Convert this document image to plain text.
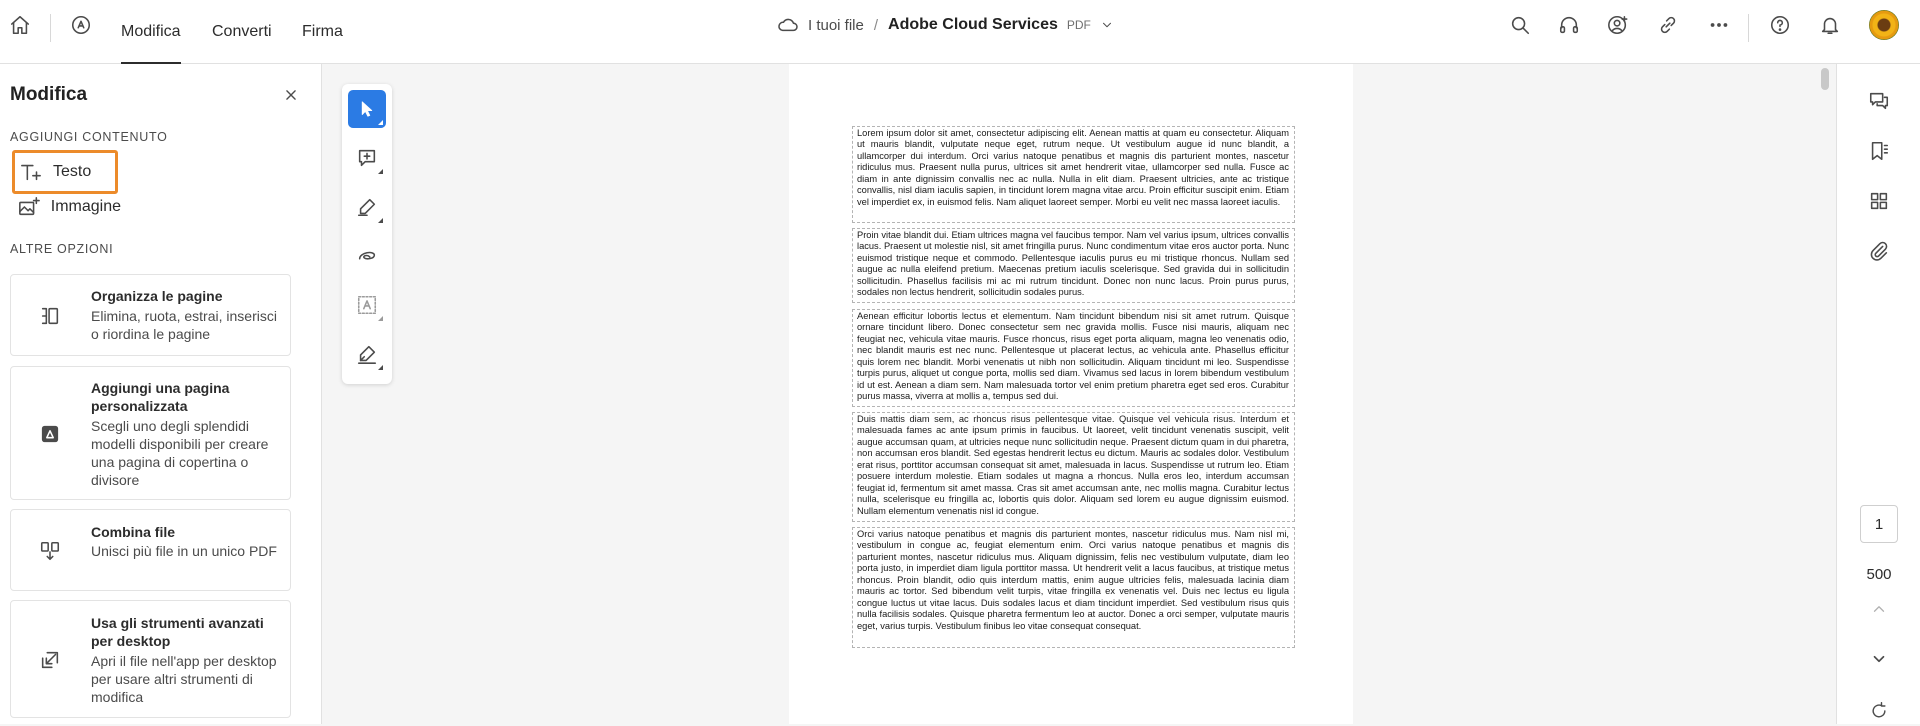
Modifica Converti Firma	I tuoi file / Adobe Cloud Services PDF
Modifica
AGGIUNGI CONTENUTO
Testo
Immagine
ALTRE OPZIONI
Organizza le pagine
Elimina, ruota, estrai, inserisci o riordina le pagine
Aggiungi una pagina personalizzata
Scegli uno degli splendidi modelli disponibili per creare una pagina di copertina o divisore
Combina file
Unisci più file in un unico PDF
Usa gli strumenti avanzati per desktop
Apri il file nell'app per desktop per usare altri strumenti di modifica
Lorem ipsum dolor sit amet, consectetur adipiscing elit. Aenean mattis at quam eu consectetur. Aliquam ut mauris blandit, vulputate neque eget, rutrum neque. Ut vestibulum augue id nunc blandit, a ullamcorper dui interdum. Orci varius natoque penatibus et magnis dis parturient montes, nascetur ridiculus mus. Praesent nulla purus, ultrices sit amet hendrerit vitae, ullamcorper sed nulla. Fusce ac diam in ante dignissim convallis nec ac nulla. Nulla in elit diam. Praesent ultricies, ante ac tristique convallis, nisl diam iaculis sapien, in tincidunt lorem magna vitae arcu. Proin efficitur suscipit enim. Etiam vel imperdiet ex, in euismod felis. Nam aliquet laoreet semper. Morbi eu velit nec massa laoreet iaculis.
Proin vitae blandit dui. Etiam ultrices magna vel faucibus tempor. Nam vel varius ipsum, ultrices convallis lacus. Praesent ut molestie nisl, sit amet fringilla purus. Nunc condimentum vitae eros auctor porta. Nunc euismod tristique neque et commodo. Pellentesque iaculis purus eu mi tristique rhoncus. Nullam sed augue ac nulla eleifend pretium. Maecenas pretium iaculis scelerisque. Sed gravida dui in sollicitudin sollicitudin. Phasellus facilisis mi ac mi rutrum tincidunt. Donec non nunc lacus. Proin purus purus, sodales non lectus hendrerit, sollicitudin sodales purus.
Aenean efficitur lobortis lectus et elementum. Nam tincidunt bibendum nisi sit amet rutrum. Quisque ornare tincidunt libero. Donec consectetur sem nec gravida mollis. Fusce nisi mauris, aliquam nec feugiat nec, vehicula vitae mauris. Fusce rhoncus, risus eget porta aliquam, magna leo venenatis odio, nec blandit mauris est nec nunc. Pellentesque ut placerat lectus, ac vehicula ante. Phasellus efficitur quis lorem nec blandit. Morbi venenatis ut nibh non sollicitudin. Aliquam tincidunt mi leo. Suspendisse turpis purus, aliquet ut congue porta, mollis sed diam. Vivamus sed lacus in lorem bibendum vestibulum id ut est. Aenean a diam sem. Nam malesuada tortor vel enim pretium pharetra eget sed eros. Curabitur purus massa, viverra at mollis a, tempus sed dui.
Duis mattis diam sem, ac rhoncus risus pellentesque vitae. Quisque vel vehicula risus. Interdum et malesuada fames ac ante ipsum primis in faucibus. Ut laoreet, velit tincidunt venenatis suscipit, velit augue accumsan quam, at ultricies neque nunc sollicitudin neque. Praesent dictum quam in dui pharetra, non accumsan eros blandit. Sed egestas hendrerit lectus eu dictum. Mauris ac sodales dolor. Vestibulum erat risus, porttitor accumsan consequat sit amet, malesuada in lacus. Suspendisse ut rutrum leo. Etiam posuere interdum molestie. Etiam sodales ut magna a rhoncus. Nulla eros leo, interdum accumsan feugiat id, fermentum sit amet massa. Cras sit amet accumsan ante, nec mollis magna. Curabitur lectus nulla, scelerisque eu fringilla ac, lobortis quis dolor. Aliquam sed lorem eu augue dignissim euismod. Nullam elementum venenatis nisl id congue.
Orci varius natoque penatibus et magnis dis parturient montes, nascetur ridiculus mus. Nam nisl mi, vestibulum in congue ac, feugiat elementum enim. Orci varius natoque penatibus et magnis dis parturient montes, nascetur ridiculus mus. Aliquam dignissim, felis nec vestibulum vulputate, diam leo porta justo, in imperdiet diam ligula porttitor massa. Ut hendrerit velit a lacus faucibus, at tristique metus rhoncus. Proin blandit, odio quis interdum mattis, enim augue ultricies felis, malesuada lacinia diam mauris ac tortor. Sed bibendum velit turpis, vitae fringilla ex venenatis vel. Duis nec lectus eu ligula congue luctus ut vitae lacus. Duis sodales lacus et diam tincidunt imperdiet. Sed vestibulum risus quis nulla facilisis sodales. Quisque pharetra fermentum leo at auctor. Donec a orci semper, vulputate mauris eget, varius turpis. Vestibulum finibus leo vitae consequat consequat.
1
500
